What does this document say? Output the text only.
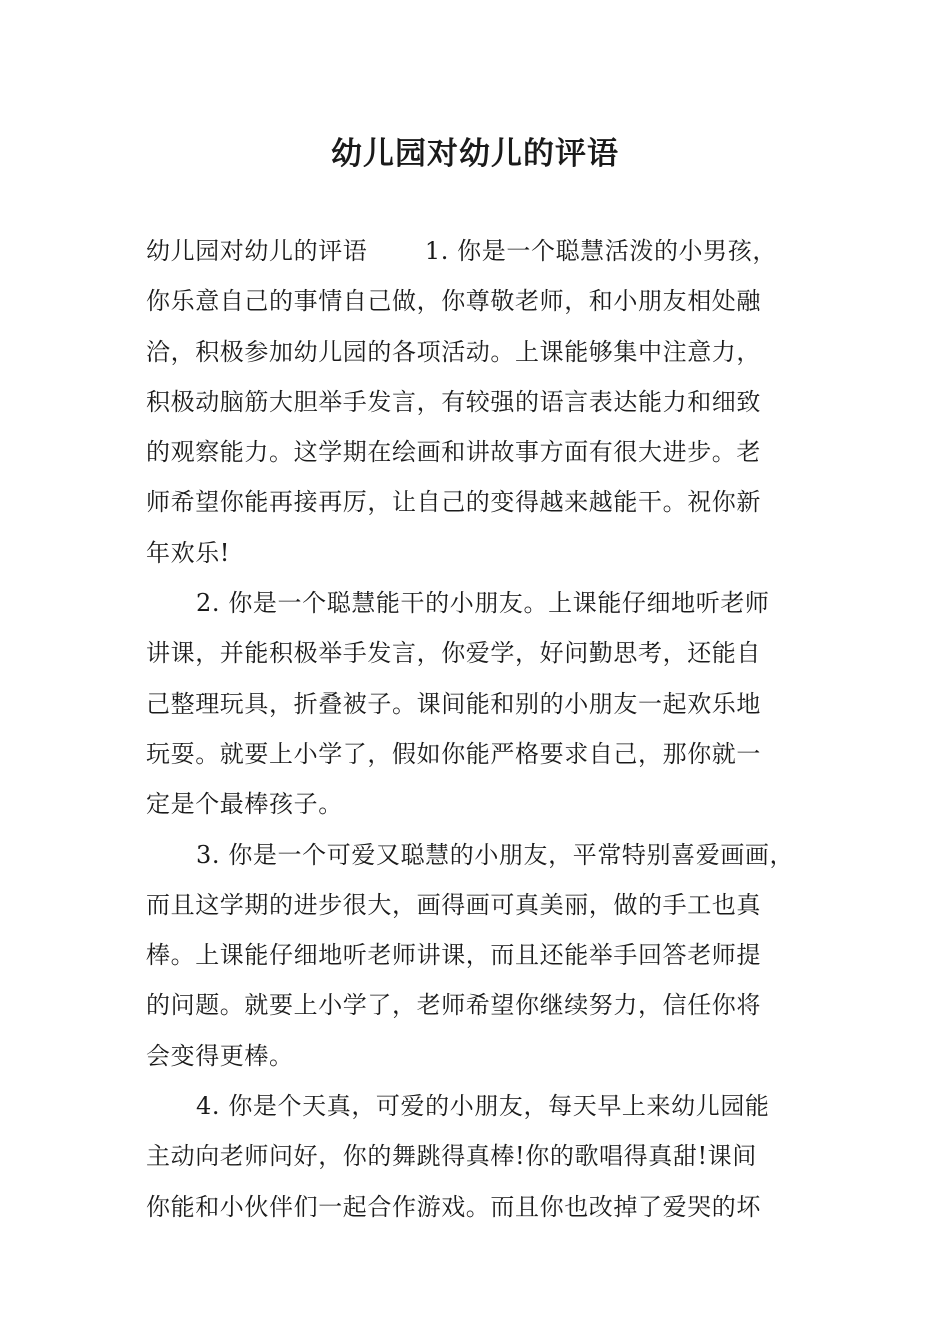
幼儿园对幼儿的评语
幼儿园对幼儿的评语　　 1. 你是一个聪慧活泼的小男孩，
你乐意自己的事情自己做，你尊敬老师，和小朋友相处融
洽，积极参加幼儿园的各项活动。上课能够集中注意力，
积极动脑筋大胆举手发言，有较强的语言表达能力和细致
的观察能力。这学期在绘画和讲故事方面有很大进步。老
师希望你能再接再厉，让自己的变得越来越能干。祝你新
年欢乐!
2. 你是一个聪慧能干的小朋友。上课能仔细地听老师
讲课，并能积极举手发言，你爱学，好问勤思考，还能自
己整理玩具，折叠被子。课间能和别的小朋友一起欢乐地
玩耍。就要上小学了，假如你能严格要求自己，那你就一
定是个最棒孩子。
3. 你是一个可爱又聪慧的小朋友，平常特别喜爱画画，
而且这学期的进步很大，画得画可真美丽，做的手工也真
棒。上课能仔细地听老师讲课，而且还能举手回答老师提
的问题。就要上小学了，老师希望你继续努力，信任你将
会变得更棒。
4. 你是个天真，可爱的小朋友，每天早上来幼儿园能
主动向老师问好，你的舞跳得真棒!你的歌唱得真甜!课间
你能和小伙伴们一起合作游戏。而且你也改掉了爱哭的坏
